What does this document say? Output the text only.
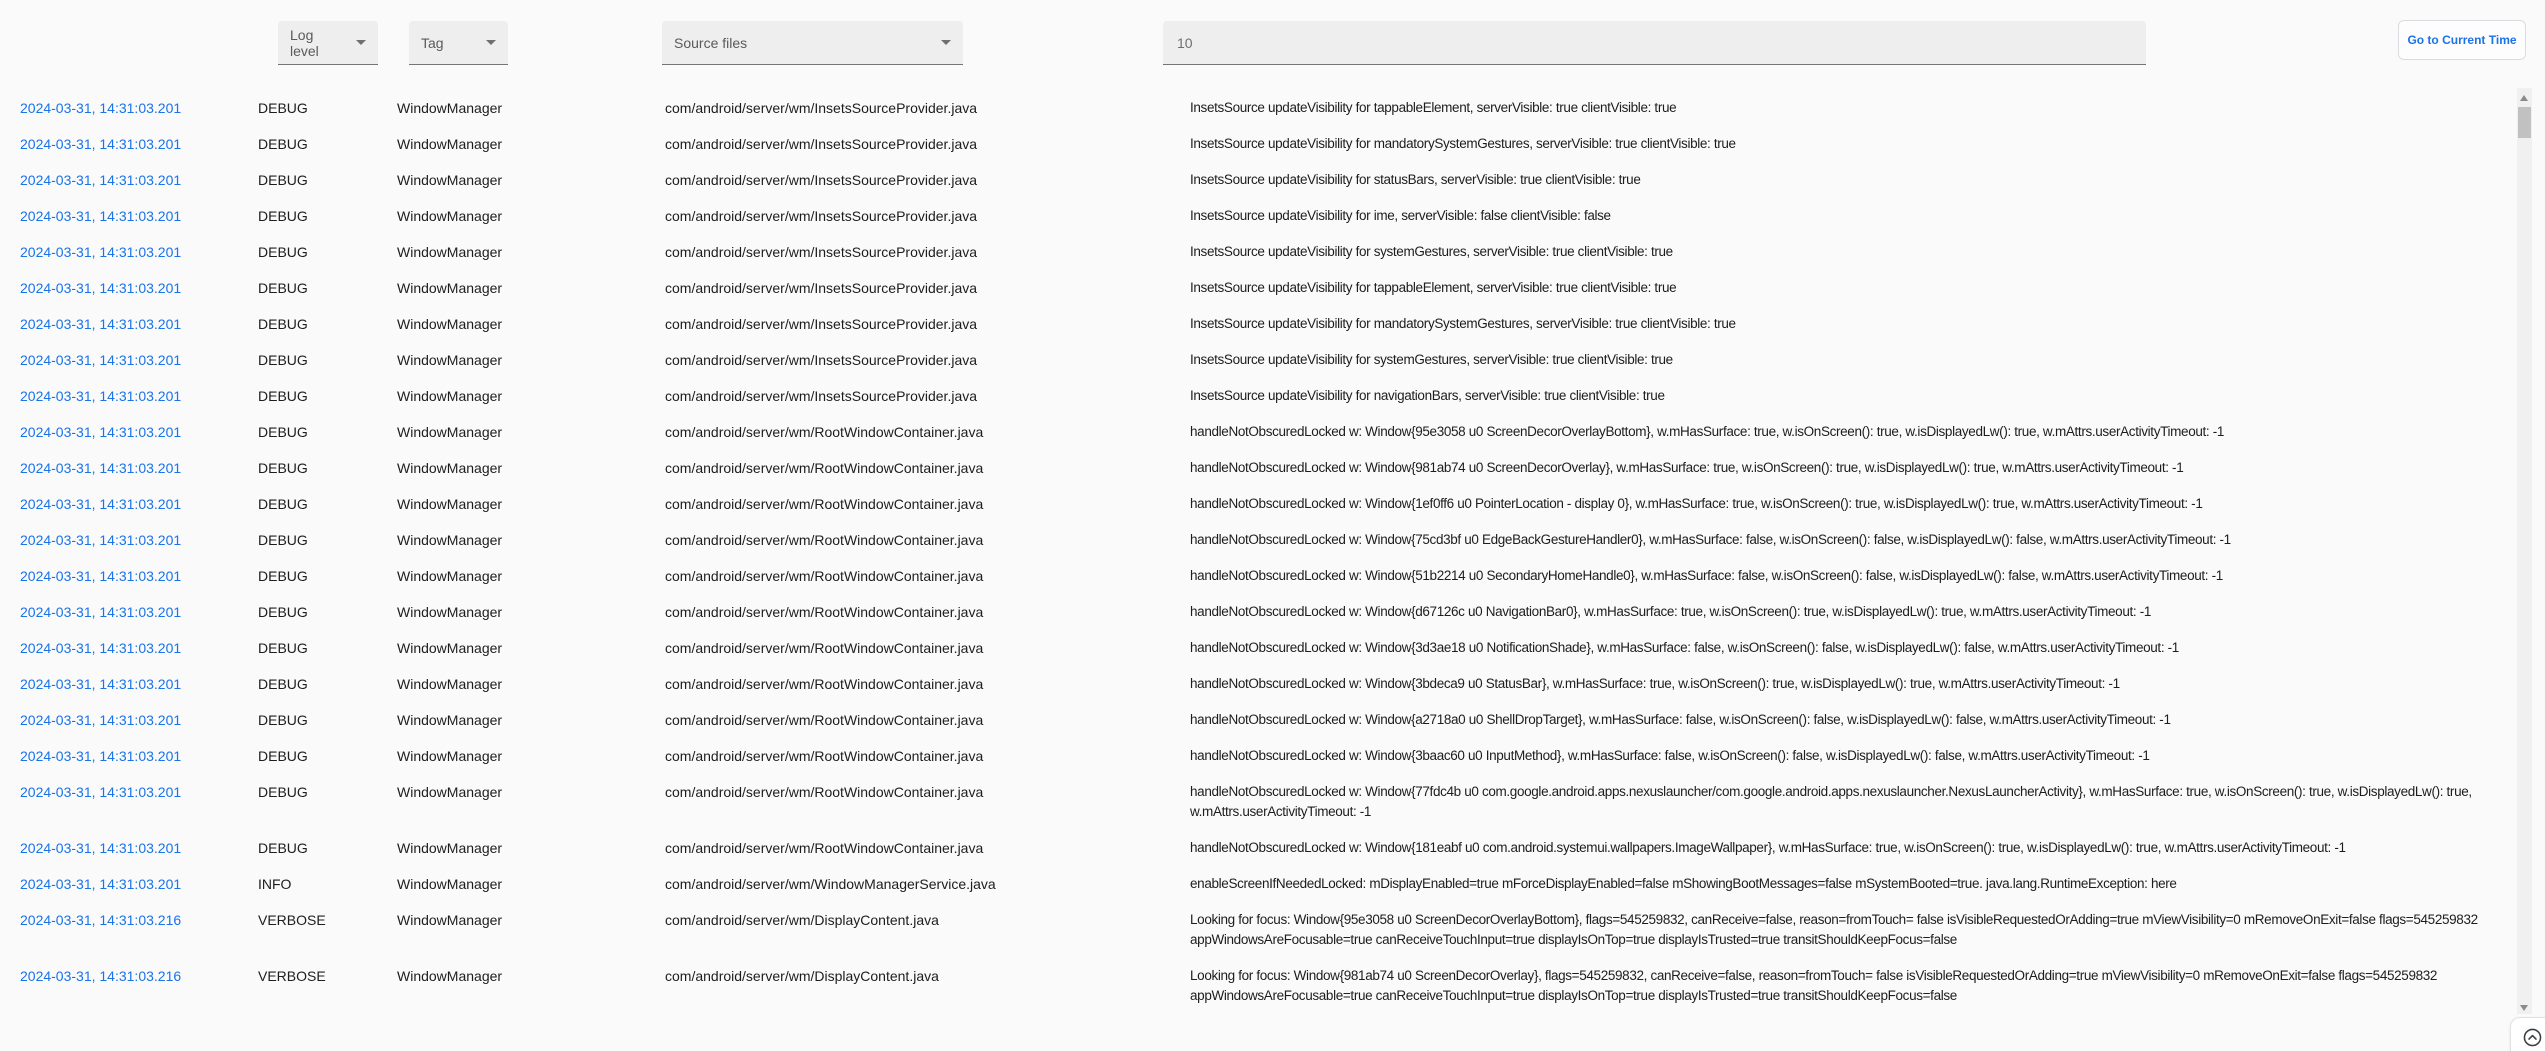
Log level	Tag	Source files
10	Go to Current Time
2024-03-31, 14:31:03.201	DEBUG	WindowManager	com/android/server/wm/InsetsSourceProvider.java	InsetsSource updateVisibility for tappableElement, serverVisible: true clientVisible: true
2024-03-31, 14:31:03.201	DEBUG	WindowManager	com/android/server/wm/InsetsSourceProvider.java	InsetsSource updateVisibility for mandatorySystemGestures, serverVisible: true clientVisible: true
2024-03-31, 14:31:03.201	DEBUG	WindowManager	com/android/server/wm/InsetsSourceProvider.java	InsetsSource updateVisibility for statusBars, serverVisible: true clientVisible: true
2024-03-31, 14:31:03.201	DEBUG	WindowManager	com/android/server/wm/InsetsSourceProvider.java	InsetsSource updateVisibility for ime, serverVisible: false clientVisible: false
2024-03-31, 14:31:03.201	DEBUG	WindowManager	com/android/server/wm/InsetsSourceProvider.java	InsetsSource updateVisibility for systemGestures, serverVisible: true clientVisible: true
2024-03-31, 14:31:03.201	DEBUG	WindowManager	com/android/server/wm/InsetsSourceProvider.java	InsetsSource updateVisibility for tappableElement, serverVisible: true clientVisible: true
2024-03-31, 14:31:03.201	DEBUG	WindowManager	com/android/server/wm/InsetsSourceProvider.java	InsetsSource updateVisibility for mandatorySystemGestures, serverVisible: true clientVisible: true
2024-03-31, 14:31:03.201	DEBUG	WindowManager	com/android/server/wm/InsetsSourceProvider.java	InsetsSource updateVisibility for systemGestures, serverVisible: true clientVisible: true
2024-03-31, 14:31:03.201	DEBUG	WindowManager	com/android/server/wm/InsetsSourceProvider.java	InsetsSource updateVisibility for navigationBars, serverVisible: true clientVisible: true
2024-03-31, 14:31:03.201	DEBUG	WindowManager	com/android/server/wm/RootWindowContainer.java	handleNotObscuredLocked w: Window{95e3058 u0 ScreenDecorOverlayBottom}, w.mHasSurface: true, w.isOnScreen(): true, w.isDisplayedLw(): true, w.mAttrs.userActivityTimeout: -1
2024-03-31, 14:31:03.201	DEBUG	WindowManager	com/android/server/wm/RootWindowContainer.java	handleNotObscuredLocked w: Window{981ab74 u0 ScreenDecorOverlay}, w.mHasSurface: true, w.isOnScreen(): true, w.isDisplayedLw(): true, w.mAttrs.userActivityTimeout: -1
2024-03-31, 14:31:03.201	DEBUG	WindowManager	com/android/server/wm/RootWindowContainer.java	handleNotObscuredLocked w: Window{1ef0ff6 u0 PointerLocation - display 0}, w.mHasSurface: true, w.isOnScreen(): true, w.isDisplayedLw(): true, w.mAttrs.userActivityTimeout: -1
2024-03-31, 14:31:03.201	DEBUG	WindowManager	com/android/server/wm/RootWindowContainer.java	handleNotObscuredLocked w: Window{75cd3bf u0 EdgeBackGestureHandler0}, w.mHasSurface: false, w.isOnScreen(): false, w.isDisplayedLw(): false, w.mAttrs.userActivityTimeout: -1
2024-03-31, 14:31:03.201	DEBUG	WindowManager	com/android/server/wm/RootWindowContainer.java	handleNotObscuredLocked w: Window{51b2214 u0 SecondaryHomeHandle0}, w.mHasSurface: false, w.isOnScreen(): false, w.isDisplayedLw(): false, w.mAttrs.userActivityTimeout: -1
2024-03-31, 14:31:03.201	DEBUG	WindowManager	com/android/server/wm/RootWindowContainer.java	handleNotObscuredLocked w: Window{d67126c u0 NavigationBar0}, w.mHasSurface: true, w.isOnScreen(): true, w.isDisplayedLw(): true, w.mAttrs.userActivityTimeout: -1
2024-03-31, 14:31:03.201	DEBUG	WindowManager	com/android/server/wm/RootWindowContainer.java	handleNotObscuredLocked w: Window{3d3ae18 u0 NotificationShade}, w.mHasSurface: false, w.isOnScreen(): false, w.isDisplayedLw(): false, w.mAttrs.userActivityTimeout: -1
2024-03-31, 14:31:03.201	DEBUG	WindowManager	com/android/server/wm/RootWindowContainer.java	handleNotObscuredLocked w: Window{3bdeca9 u0 StatusBar}, w.mHasSurface: true, w.isOnScreen(): true, w.isDisplayedLw(): true, w.mAttrs.userActivityTimeout: -1
2024-03-31, 14:31:03.201	DEBUG	WindowManager	com/android/server/wm/RootWindowContainer.java	handleNotObscuredLocked w: Window{a2718a0 u0 ShellDropTarget}, w.mHasSurface: false, w.isOnScreen(): false, w.isDisplayedLw(): false, w.mAttrs.userActivityTimeout: -1
2024-03-31, 14:31:03.201	DEBUG	WindowManager	com/android/server/wm/RootWindowContainer.java	handleNotObscuredLocked w: Window{3baac60 u0 InputMethod}, w.mHasSurface: false, w.isOnScreen(): false, w.isDisplayedLw(): false, w.mAttrs.userActivityTimeout: -1
2024-03-31, 14:31:03.201	DEBUG	WindowManager	com/android/server/wm/RootWindowContainer.java	handleNotObscuredLocked w: Window{77fdc4b u0 com.google.android.apps.nexuslauncher/com.google.android.apps.nexuslauncher.NexusLauncherActivity}, w.mHasSurface: true, w.isOnScreen(): true, w.isDisplayedLw(): true, w.mAttrs.userActivityTimeout: -1
2024-03-31, 14:31:03.201	DEBUG	WindowManager	com/android/server/wm/RootWindowContainer.java	handleNotObscuredLocked w: Window{181eabf u0 com.android.systemui.wallpapers.ImageWallpaper}, w.mHasSurface: true, w.isOnScreen(): true, w.isDisplayedLw(): true, w.mAttrs.userActivityTimeout: -1
2024-03-31, 14:31:03.201	INFO	WindowManager	com/android/server/wm/WindowManagerService.java	enableScreenIfNeededLocked: mDisplayEnabled=true mForceDisplayEnabled=false mShowingBootMessages=false mSystemBooted=true. java.lang.RuntimeException: here
2024-03-31, 14:31:03.216	VERBOSE	WindowManager	com/android/server/wm/DisplayContent.java	Looking for focus: Window{95e3058 u0 ScreenDecorOverlayBottom}, flags=545259832, canReceive=false, reason=fromTouch= false isVisibleRequestedOrAdding=true mViewVisibility=0 mRemoveOnExit=false flags=545259832 appWindowsAreFocusable=true canReceiveTouchInput=true displayIsOnTop=true displayIsTrusted=true transitShouldKeepFocus=false
2024-03-31, 14:31:03.216	VERBOSE	WindowManager	com/android/server/wm/DisplayContent.java	Looking for focus: Window{981ab74 u0 ScreenDecorOverlay}, flags=545259832, canReceive=false, reason=fromTouch= false isVisibleRequestedOrAdding=true mViewVisibility=0 mRemoveOnExit=false flags=545259832 appWindowsAreFocusable=true canReceiveTouchInput=true displayIsOnTop=true displayIsTrusted=true transitShouldKeepFocus=false
